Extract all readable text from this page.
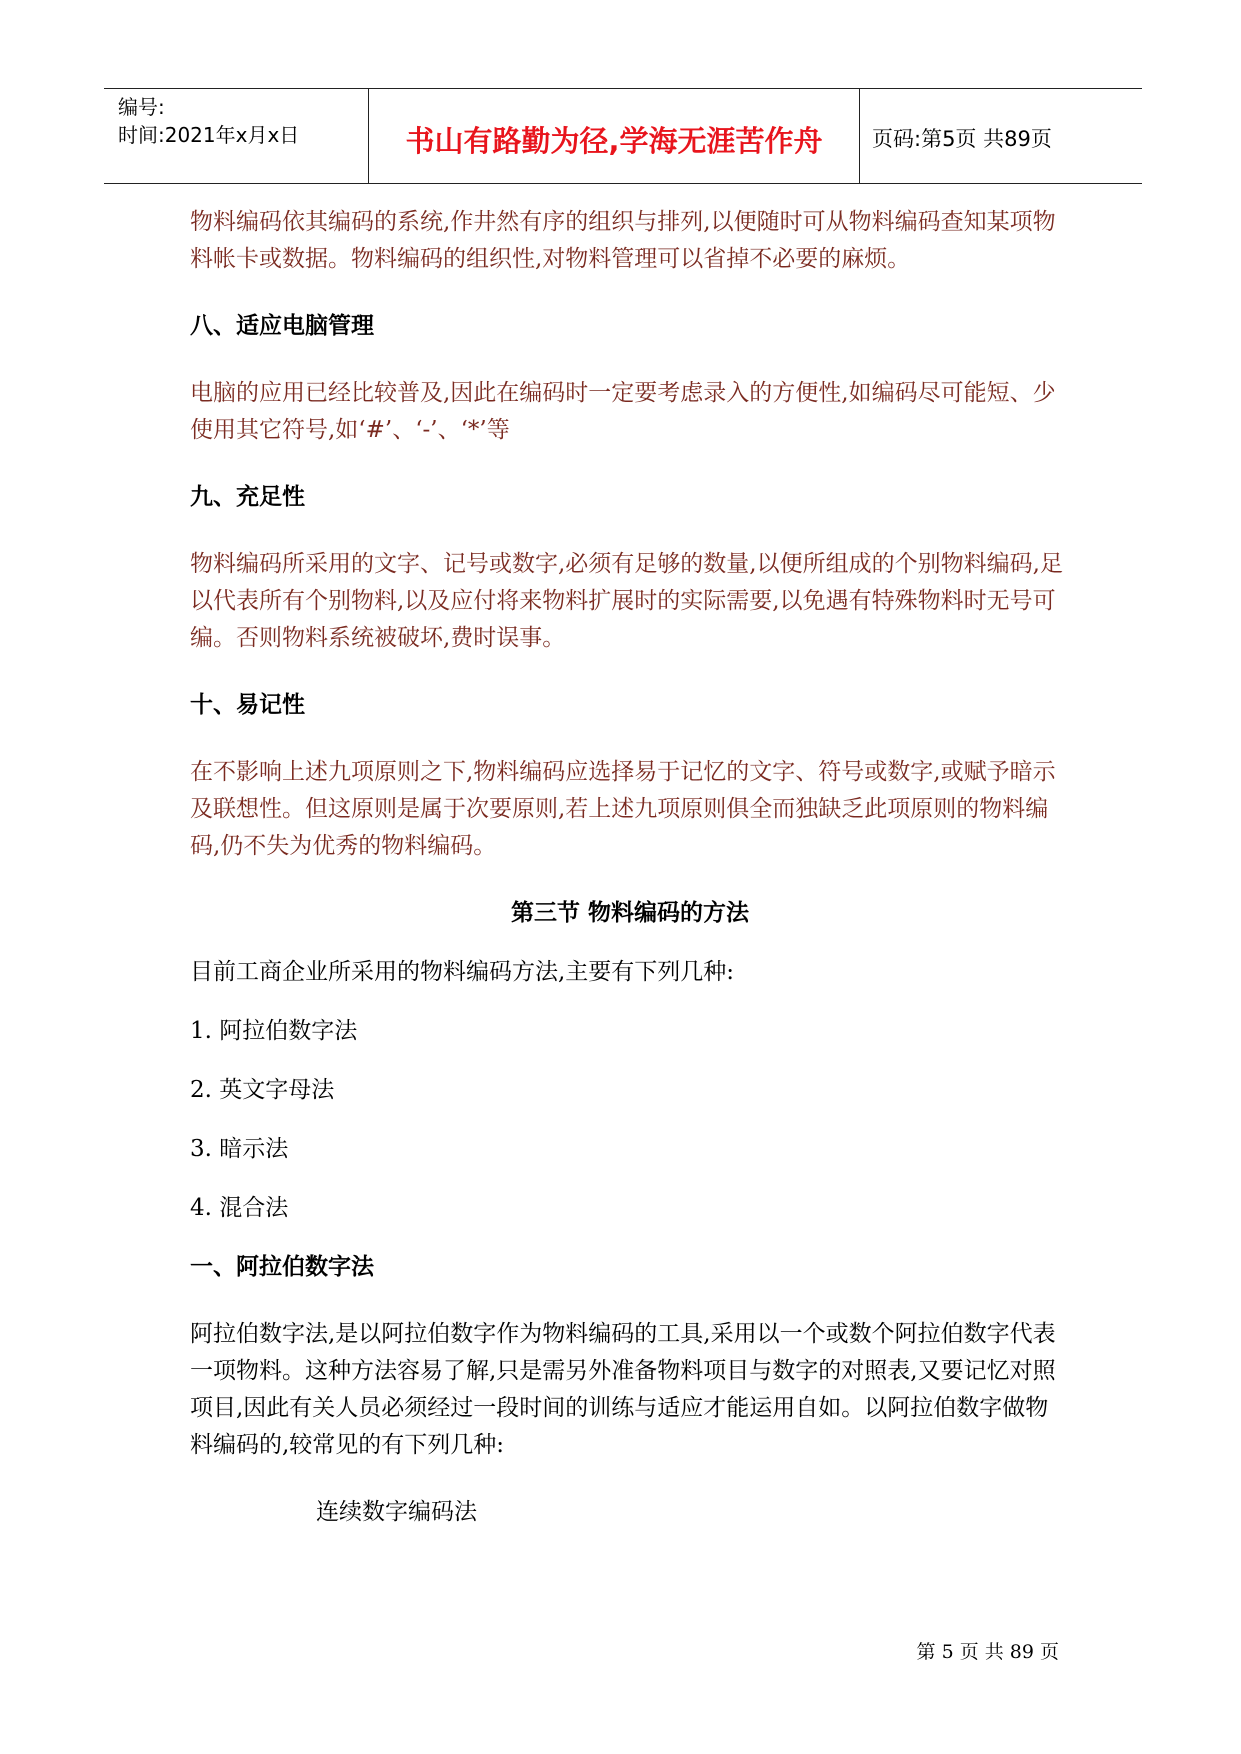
编号:
时间:2021年x月x日	书山有路勤为径,学海无涯苦作舟	页码:第5页 共89页

物料编码依其编码的系统,作井然有序的组织与排列,以便随时可从物料编码查知某项物料帐卡或数据。物料编码的组织性,对物料管理可以省掉不必要的麻烦。

八、适应电脑管理

电脑的应用已经比较普及,因此在编码时一定要考虑录入的方便性,如编码尽可能短、少使用其它符号,如‘#’、‘-’、‘*’等

九、充足性

物料编码所采用的文字、记号或数字,必须有足够的数量,以便所组成的个别物料编码,足以代表所有个别物料,以及应付将来物料扩展时的实际需要,以免遇有特殊物料时无号可编。否则物料系统被破坏,费时误事。

十、易记性

在不影响上述九项原则之下,物料编码应选择易于记忆的文字、符号或数字,或赋予暗示及联想性。但这原则是属于次要原则,若上述九项原则俱全而独缺乏此项原则的物料编码,仍不失为优秀的物料编码。

第三节 物料编码的方法

目前工商企业所采用的物料编码方法,主要有下列几种:

1. 阿拉伯数字法

2. 英文字母法

3. 暗示法

4. 混合法

一、阿拉伯数字法

阿拉伯数字法,是以阿拉伯数字作为物料编码的工具,采用以一个或数个阿拉伯数字代表一项物料。这种方法容易了解,只是需另外准备物料项目与数字的对照表,又要记忆对照项目,因此有关人员必须经过一段时间的训练与适应才能运用自如。以阿拉伯数字做物料编码的,较常见的有下列几种:

连续数字编码法

第 5 页 共 89 页
